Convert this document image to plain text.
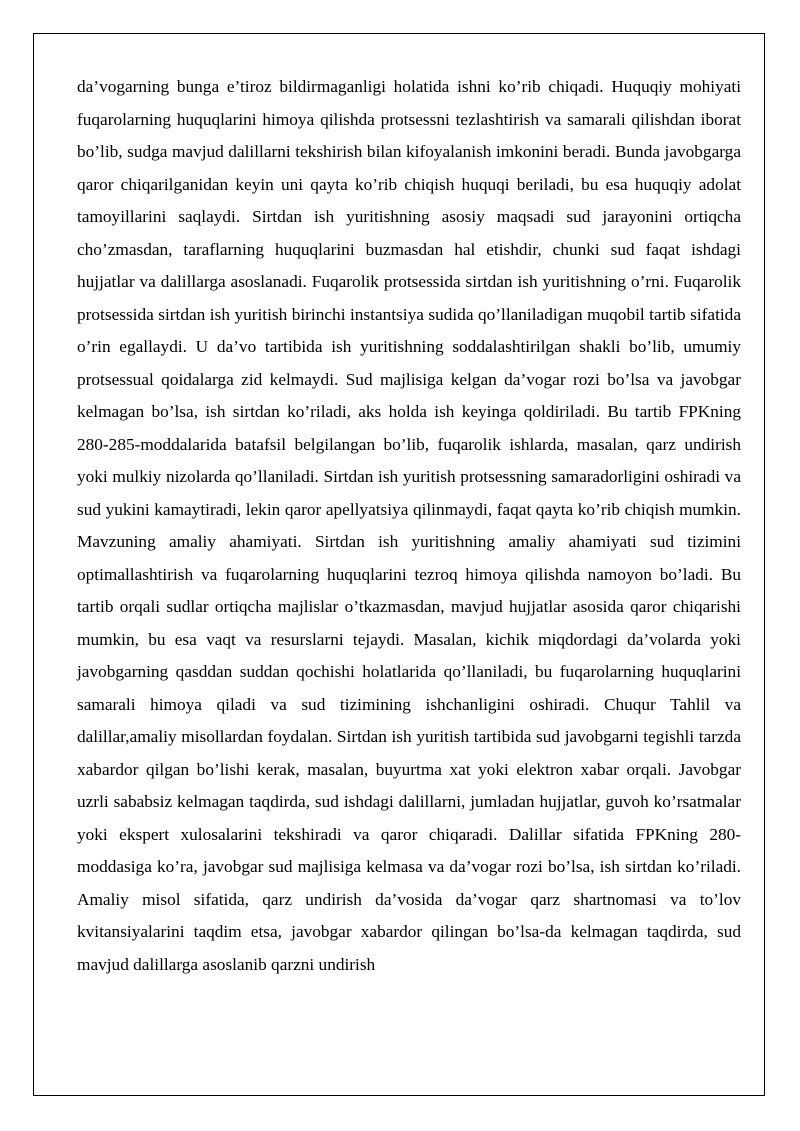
da’vogarning bunga e’tiroz bildirmaganligi holatida ishni ko’rib chiqadi. Huquqiy mohiyati fuqarolarning huquqlarini himoya qilishda protsessni tezlashtirish va samarali qilishdan iborat bo’lib, sudga mavjud dalillarni tekshirish bilan kifoyalanish imkonini beradi. Bunda javobgarga qaror chiqarilganidan keyin uni qayta ko’rib chiqish huquqi beriladi, bu esa huquqiy adolat tamoyillarini saqlaydi. Sirtdan ish yuritishning asosiy maqsadi sud jarayonini ortiqcha cho’zmasdan, taraflarning huquqlarini buzmasdan hal etishdir, chunki sud faqat ishdagi hujjatlar va dalillarga asoslanadi. Fuqarolik protsessida sirtdan ish yuritishning o’rni. Fuqarolik protsessida sirtdan ish yuritish birinchi instantsiya sudida qo’llaniladigan muqobil tartib sifatida o’rin egallaydi. U da’vo tartibida ish yuritishning soddalashtirilgan shakli bo’lib, umumiy protsessual qoidalarga zid kelmaydi. Sud majlisiga kelgan da’vogar rozi bo’lsa va javobgar kelmagan bo’lsa, ish sirtdan ko’riladi, aks holda ish keyinga qoldiriladi. Bu tartib FPKning 280-285-moddalarida batafsil belgilangan bo’lib, fuqarolik ishlarda, masalan, qarz undirish yoki mulkiy nizolarda qo’llaniladi. Sirtdan ish yuritish protsessning samaradorligini oshiradi va sud yukini kamaytiradi, lekin qaror apellyatsiya qilinmaydi, faqat qayta ko’rib chiqish mumkin. Mavzuning amaliy ahamiyati. Sirtdan ish yuritishning amaliy ahamiyati sud tizimini optimallashtirish va fuqarolarning huquqlarini tezroq himoya qilishda namoyon bo’ladi. Bu tartib orqali sudlar ortiqcha majlislar o’tkazmasdan, mavjud hujjatlar asosida qaror chiqarishi mumkin, bu esa vaqt va resurslarni tejaydi. Masalan, kichik miqdordagi da’volarda yoki javobgarning qasddan suddan qochishi holatlarida qo’llaniladi, bu fuqarolarning huquqlarini samarali himoya qiladi va sud tizimining ishchanligini oshiradi. Chuqur Tahlil va dalillar,amaliy misollardan foydalan. Sirtdan ish yuritish tartibida sud javobgarni tegishli tarzda xabardor qilgan bo’lishi kerak, masalan, buyurtma xat yoki elektron xabar orqali. Javobgar uzrli sababsiz kelmagan taqdirda, sud ishdagi dalillarni, jumladan hujjatlar, guvoh ko’rsatmalar yoki ekspert xulosalarini tekshiradi va qaror chiqaradi. Dalillar sifatida FPKning 280-moddasiga ko’ra, javobgar sud majlisiga kelmasa va da’vogar rozi bo’lsa, ish sirtdan ko’riladi. Amaliy misol sifatida, qarz undirish da’vosida da’vogar qarz shartnomasi va to’lov kvitansiyalarini taqdim etsa, javobgar xabardor qilingan bo’lsa-da kelmagan taqdirda, sud mavjud dalillarga asoslanib qarzni undirish
